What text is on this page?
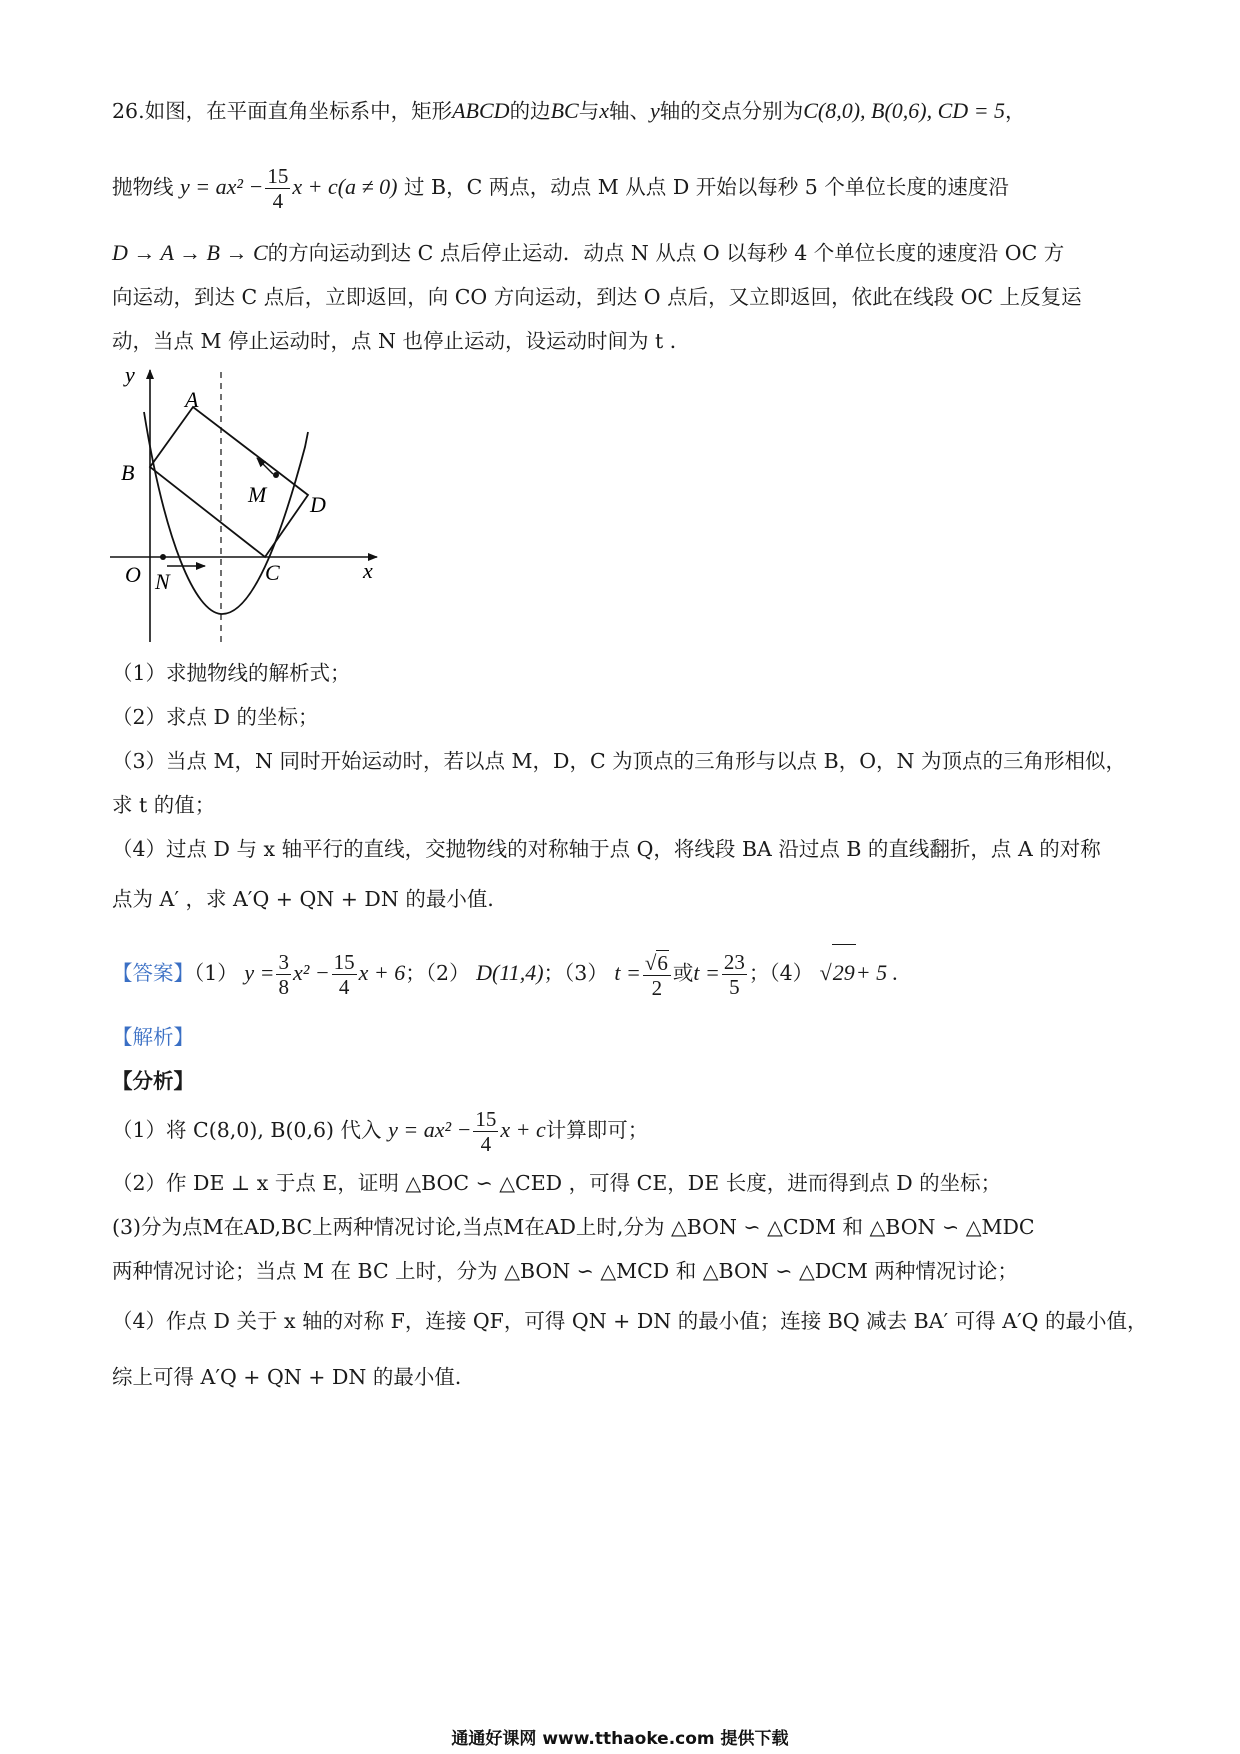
26.如图，在平面直角坐标系中，矩形ABCD的边BC与x轴、y轴的交点分别为C(8,0), B(0,6), CD = 5，
抛物线 $y = ax^2 - \frac{15}{4}$ x + c(a ≠ 0) 过 B，C 两点，动点 M 从点 D 开始以每秒 5 个单位长度的速度沿
D → A → B → C的方向运动到达 C 点后停止运动．动点 N 从点 O 以每秒 4 个单位长度的速度沿 OC 方
向运动，到达 C 点后，立即返回，向 CO 方向运动，到达 O 点后，又立即返回，依此在线段 OC 上反复运
动，当点 M 停止运动时，点 N 也停止运动，设运动时间为 t ．
y
x
O
A
B
C
D
M
N
（1）求抛物线的解析式；
（2）求点 D 的坐标；
（3）当点 M，N 同时开始运动时，若以点 M，D，C 为顶点的三角形与以点 B，O，N 为顶点的三角形相似，
求 t 的值；
（4）过点 D 与 x 轴平行的直线，交抛物线的对称轴于点 Q，将线段 BA 沿过点 B 的直线翻折，点 A 的对称
点为 A′ ，求 A′Q + QN + DN 的最小值．
【答案】（1） $y = \frac{3}{8} x^2 - \frac{15}{4}$ x + 6；（2） D(11,4)；（3） $t = \frac{√6}{2}$ 或$t = \frac{23}{5}$ ；（4） √29+ 5 .
【解析】
【分析】
（1）将 C(8,0), B(0,6) 代入 $y = ax^2 - \frac{15}{4}$ x + c计算即可；
（2）作 DE ⊥ x 于点 E，证明 △BOC ∽ △CED ，可得 CE，DE 长度，进而得到点 D 的坐标；
(3)分为点M在AD,BC上两种情况讨论,当点M在AD上时,分为 △BON ∽ △CDM 和 △BON ∽ △MDC
两种情况讨论；当点 M 在 BC 上时，分为 △BON ∽ △MCD 和 △BON ∽ △DCM 两种情况讨论；
（4）作点 D 关于 x 轴的对称 F，连接 QF，可得 QN + DN 的最小值；连接 BQ 减去 BA′ 可得 A′Q 的最小值，
综上可得 A′Q + QN + DN 的最小值．
通通好课网 www.tthaoke.com 提供下载
